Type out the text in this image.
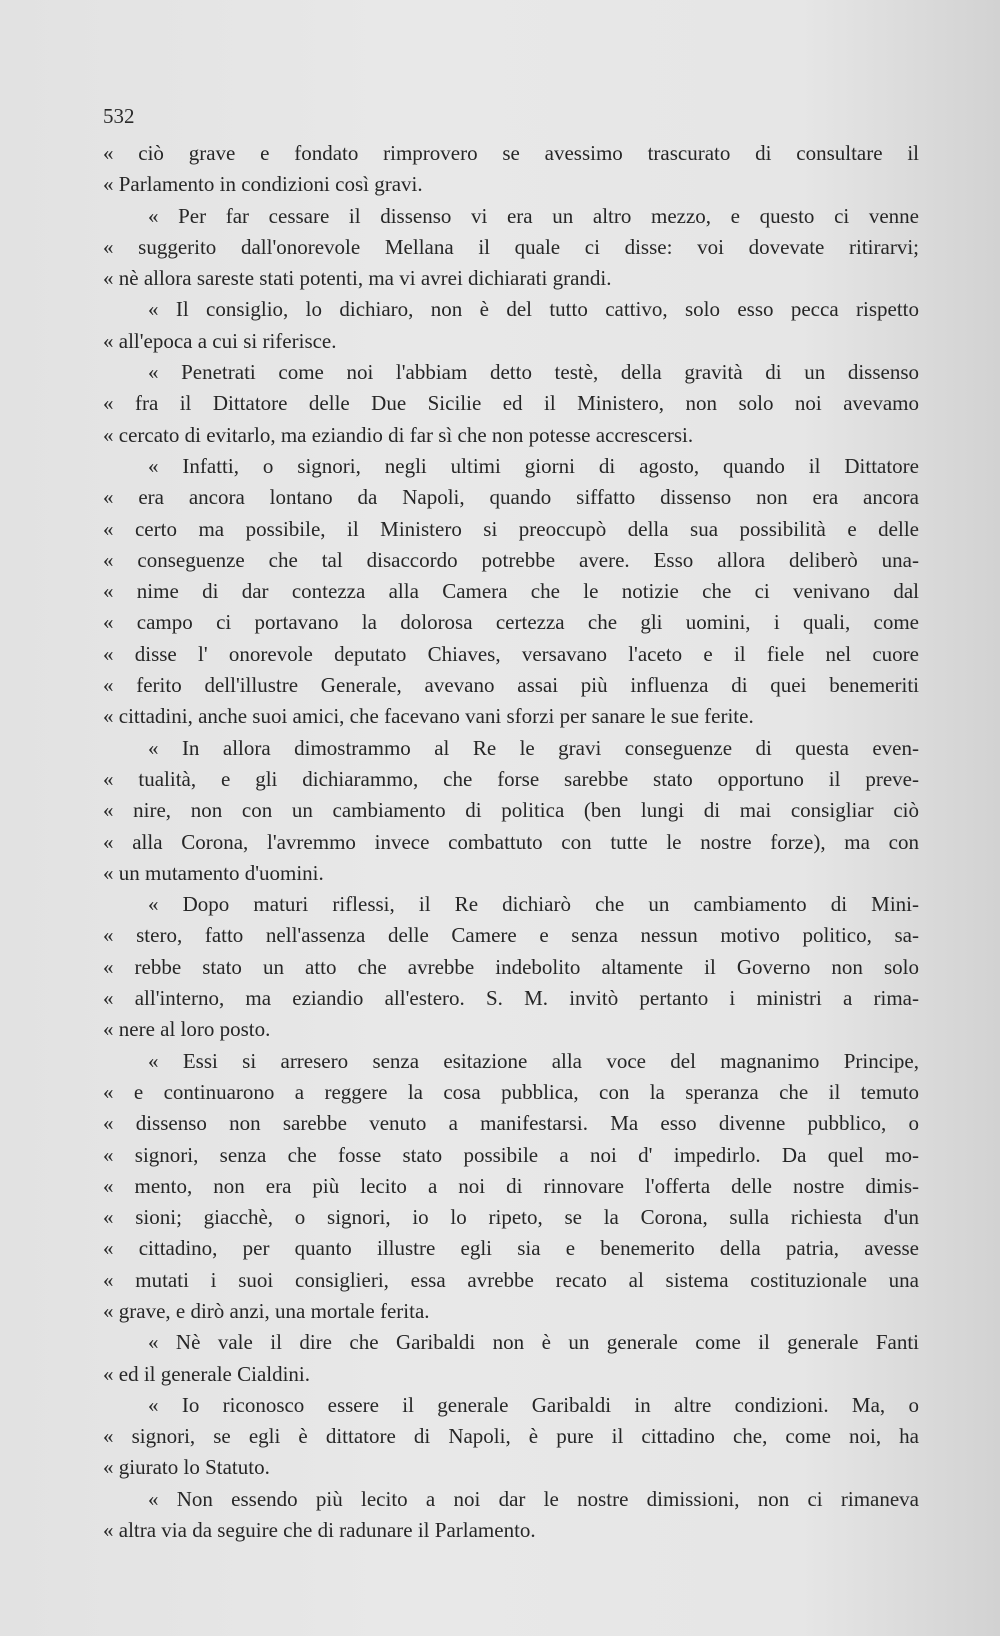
532
« ciò grave e fondato rimprovero se avessimo trascurato di consultare il
« Parlamento in condizioni così gravi.
« Per far cessare il dissenso vi era un altro mezzo, e questo ci venne
« suggerito dall'onorevole Mellana il quale ci disse: voi dovevate ritirarvi;
« nè allora sareste stati potenti, ma vi avrei dichiarati grandi.
« Il consiglio, lo dichiaro, non è del tutto cattivo, solo esso pecca rispetto
« all'epoca a cui si riferisce.
« Penetrati come noi l'abbiam detto testè, della gravità di un dissenso
« fra il Dittatore delle Due Sicilie ed il Ministero, non solo noi avevamo
« cercato di evitarlo, ma eziandio di far sì che non potesse accrescersi.
« Infatti, o signori, negli ultimi giorni di agosto, quando il Dittatore
« era ancora lontano da Napoli, quando siffatto dissenso non era ancora
« certo ma possibile, il Ministero si preoccupò della sua possibilità e delle
« conseguenze che tal disaccordo potrebbe avere. Esso allora deliberò una-
« nime di dar contezza alla Camera che le notizie che ci venivano dal
« campo ci portavano la dolorosa certezza che gli uomini, i quali, come
« disse l' onorevole deputato Chiaves, versavano l'aceto e il fiele nel cuore
« ferito dell'illustre Generale, avevano assai più influenza di quei benemeriti
« cittadini, anche suoi amici, che facevano vani sforzi per sanare le sue ferite.
« In allora dimostrammo al Re le gravi conseguenze di questa even-
« tualità, e gli dichiarammo, che forse sarebbe stato opportuno il preve-
« nire, non con un cambiamento di politica (ben lungi di mai consigliar ciò
« alla Corona, l'avremmo invece combattuto con tutte le nostre forze), ma con
« un mutamento d'uomini.
« Dopo maturi riflessi, il Re dichiarò che un cambiamento di Mini-
« stero, fatto nell'assenza delle Camere e senza nessun motivo politico, sa-
« rebbe stato un atto che avrebbe indebolito altamente il Governo non solo
« all'interno, ma eziandio all'estero. S. M. invitò pertanto i ministri a rima-
« nere al loro posto.
« Essi si arresero senza esitazione alla voce del magnanimo Principe,
« e continuarono a reggere la cosa pubblica, con la speranza che il temuto
« dissenso non sarebbe venuto a manifestarsi. Ma esso divenne pubblico, o
« signori, senza che fosse stato possibile a noi d' impedirlo. Da quel mo-
« mento, non era più lecito a noi di rinnovare l'offerta delle nostre dimis-
« sioni; giacchè, o signori, io lo ripeto, se la Corona, sulla richiesta d'un
« cittadino, per quanto illustre egli sia e benemerito della patria, avesse
« mutati i suoi consiglieri, essa avrebbe recato al sistema costituzionale una
« grave, e dirò anzi, una mortale ferita.
« Nè vale il dire che Garibaldi non è un generale come il generale Fanti
« ed il generale Cialdini.
« Io riconosco essere il generale Garibaldi in altre condizioni. Ma, o
« signori, se egli è dittatore di Napoli, è pure il cittadino che, come noi, ha
« giurato lo Statuto.
« Non essendo più lecito a noi dar le nostre dimissioni, non ci rimaneva
« altra via da seguire che di radunare il Parlamento.
